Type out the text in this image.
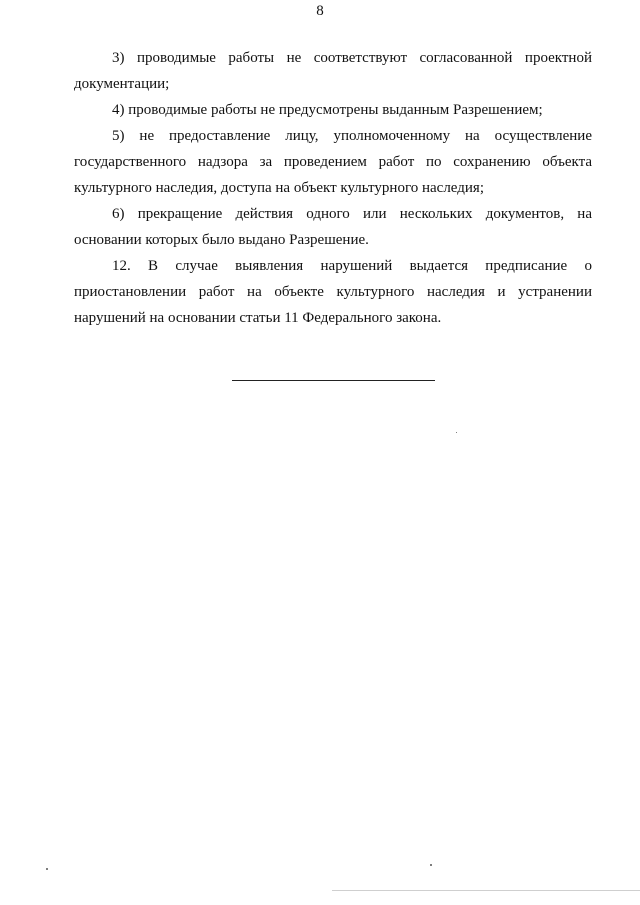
8

3) проводимые работы не соответствуют согласованной проектной документации;

4) проводимые работы не предусмотрены выданным Разрешением;

5) не предоставление лицу, уполномоченному на осуществление государственного надзора за проведением работ по сохранению объекта культурного наследия, доступа на объект культурного наследия;

6) прекращение действия одного или нескольких документов, на основании которых было выдано Разрешение.

12. В случае выявления нарушений выдается предписание о приостановлении работ на объекте культурного наследия и устранении нарушений на основании статьи 11 Федерального закона.
